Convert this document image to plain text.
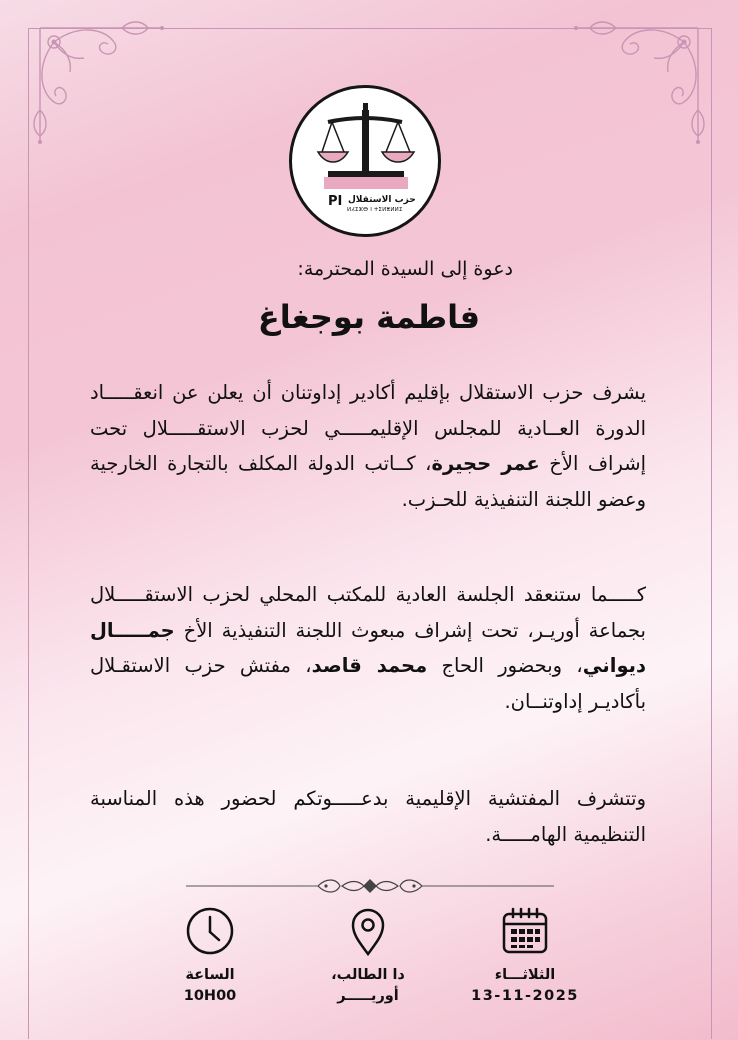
PI حزب الاستقلال
ⵍⵃⵉⵣⴱ ⵏ ⵜⵉⵍⴻⵍⵍⵉ
دعوة إلى السيدة المحترمة:
فاطمة بوجغاغ
يشرف حزب الاستقلال بإقليم أكادير إداوتنان أن يعلن عن انعقـــــاد الدورة العــادية للمجلس الإقليمـــــي لحزب الاستقـــــلال تحت إشراف الأخ عمر حجيرة، كــاتب الدولة المكلف بالتجارة الخارجية وعضو اللجنة التنفيذية للحـزب.
كـــــما ستنعقد الجلسة العادية للمكتب المحلي لحزب الاستقـــــلال بجماعة أوريـر، تحت إشراف مبعوث اللجنة التنفيذية الأخ جمـــــال ديواني، وبحضور الحاج محمد قاصد، مفتش حزب الاستقـلال بأكاديـر إداوتنــان.
وتتشرف المفتشية الإقليمية بدعـــــوتكم لحضور هذه المناسبة التنظيمية الهامـــــة.
الثلاثـــاء
13-11-2025
دا الطالب،
أوريـــــر
الساعة
10H00
